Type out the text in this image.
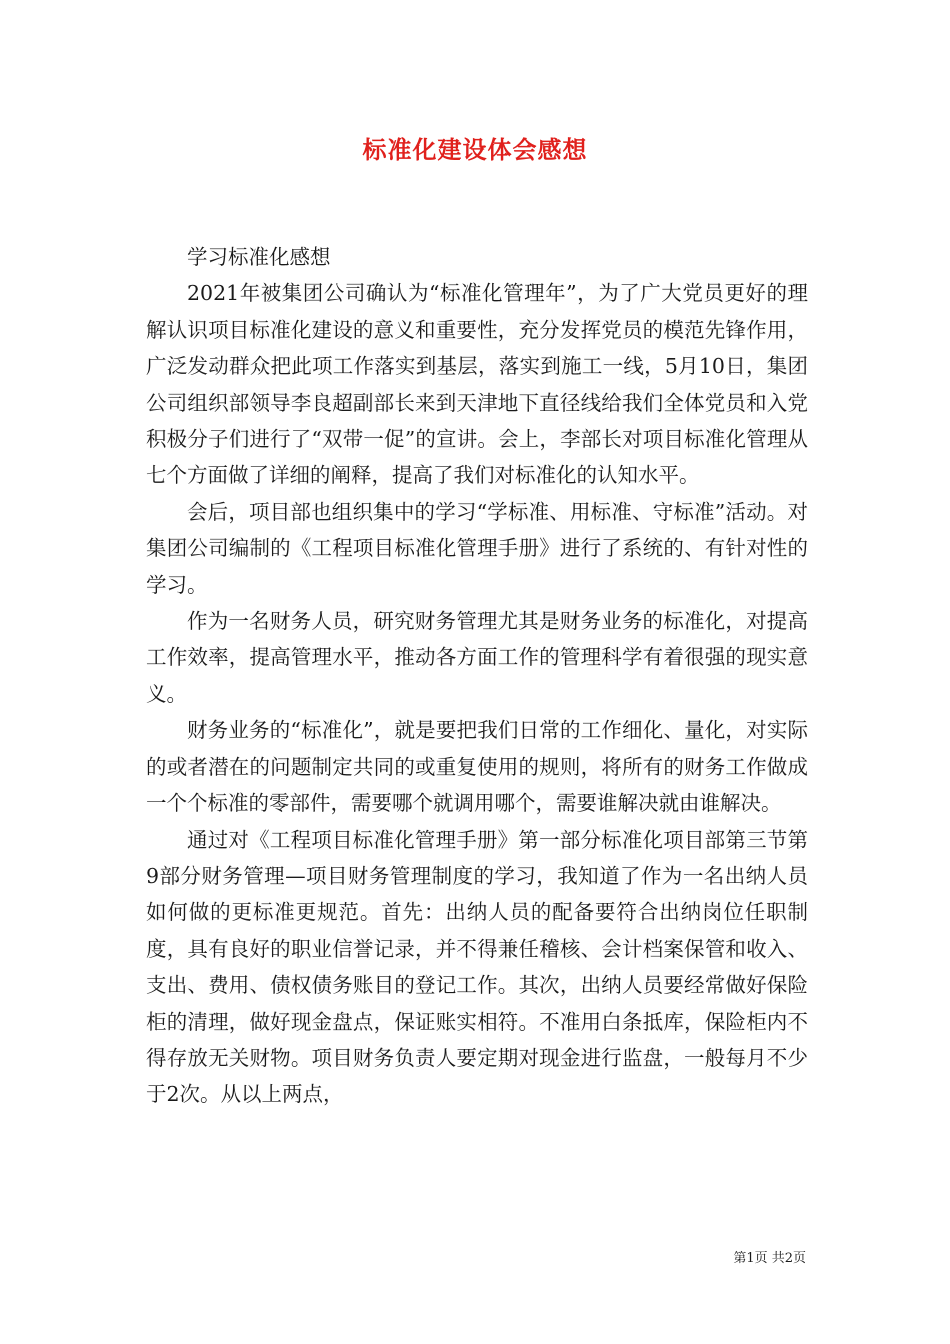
标准化建设体会感想

学习标准化感想

2021年被集团公司确认为“标准化管理年”，为了广大党员更好的理解认识项目标准化建设的意义和重要性，充分发挥党员的模范先锋作用，广泛发动群众把此项工作落实到基层，落实到施工一线，5月10日，集团公司组织部领导李良超副部长来到天津地下直径线给我们全体党员和入党积极分子们进行了“双带一促”的宣讲。会上，李部长对项目标准化管理从七个方面做了详细的阐释，提高了我们对标准化的认知水平。

会后，项目部也组织集中的学习“学标准、用标准、守标准”活动。对集团公司编制的《工程项目标准化管理手册》进行了系统的、有针对性的学习。

作为一名财务人员，研究财务管理尤其是财务业务的标准化，对提高工作效率，提高管理水平，推动各方面工作的管理科学有着很强的现实意义。

财务业务的“标准化”，就是要把我们日常的工作细化、量化，对实际的或者潜在的问题制定共同的或重复使用的规则，将所有的财务工作做成一个个标准的零部件，需要哪个就调用哪个，需要谁解决就由谁解决。

通过对《工程项目标准化管理手册》第一部分标准化项目部第三节第9部分财务管理—项目财务管理制度的学习，我知道了作为一名出纳人员如何做的更标准更规范。首先：出纳人员的配备要符合出纳岗位任职制度，具有良好的职业信誉记录，并不得兼任稽核、会计档案保管和收入、支出、费用、债权债务账目的登记工作。其次，出纳人员要经常做好保险柜的清理，做好现金盘点，保证账实相符。不准用白条抵库，保险柜内不得存放无关财物。项目财务负责人要定期对现金进行监盘，一般每月不少于2次。从以上两点，

第1页 共2页
